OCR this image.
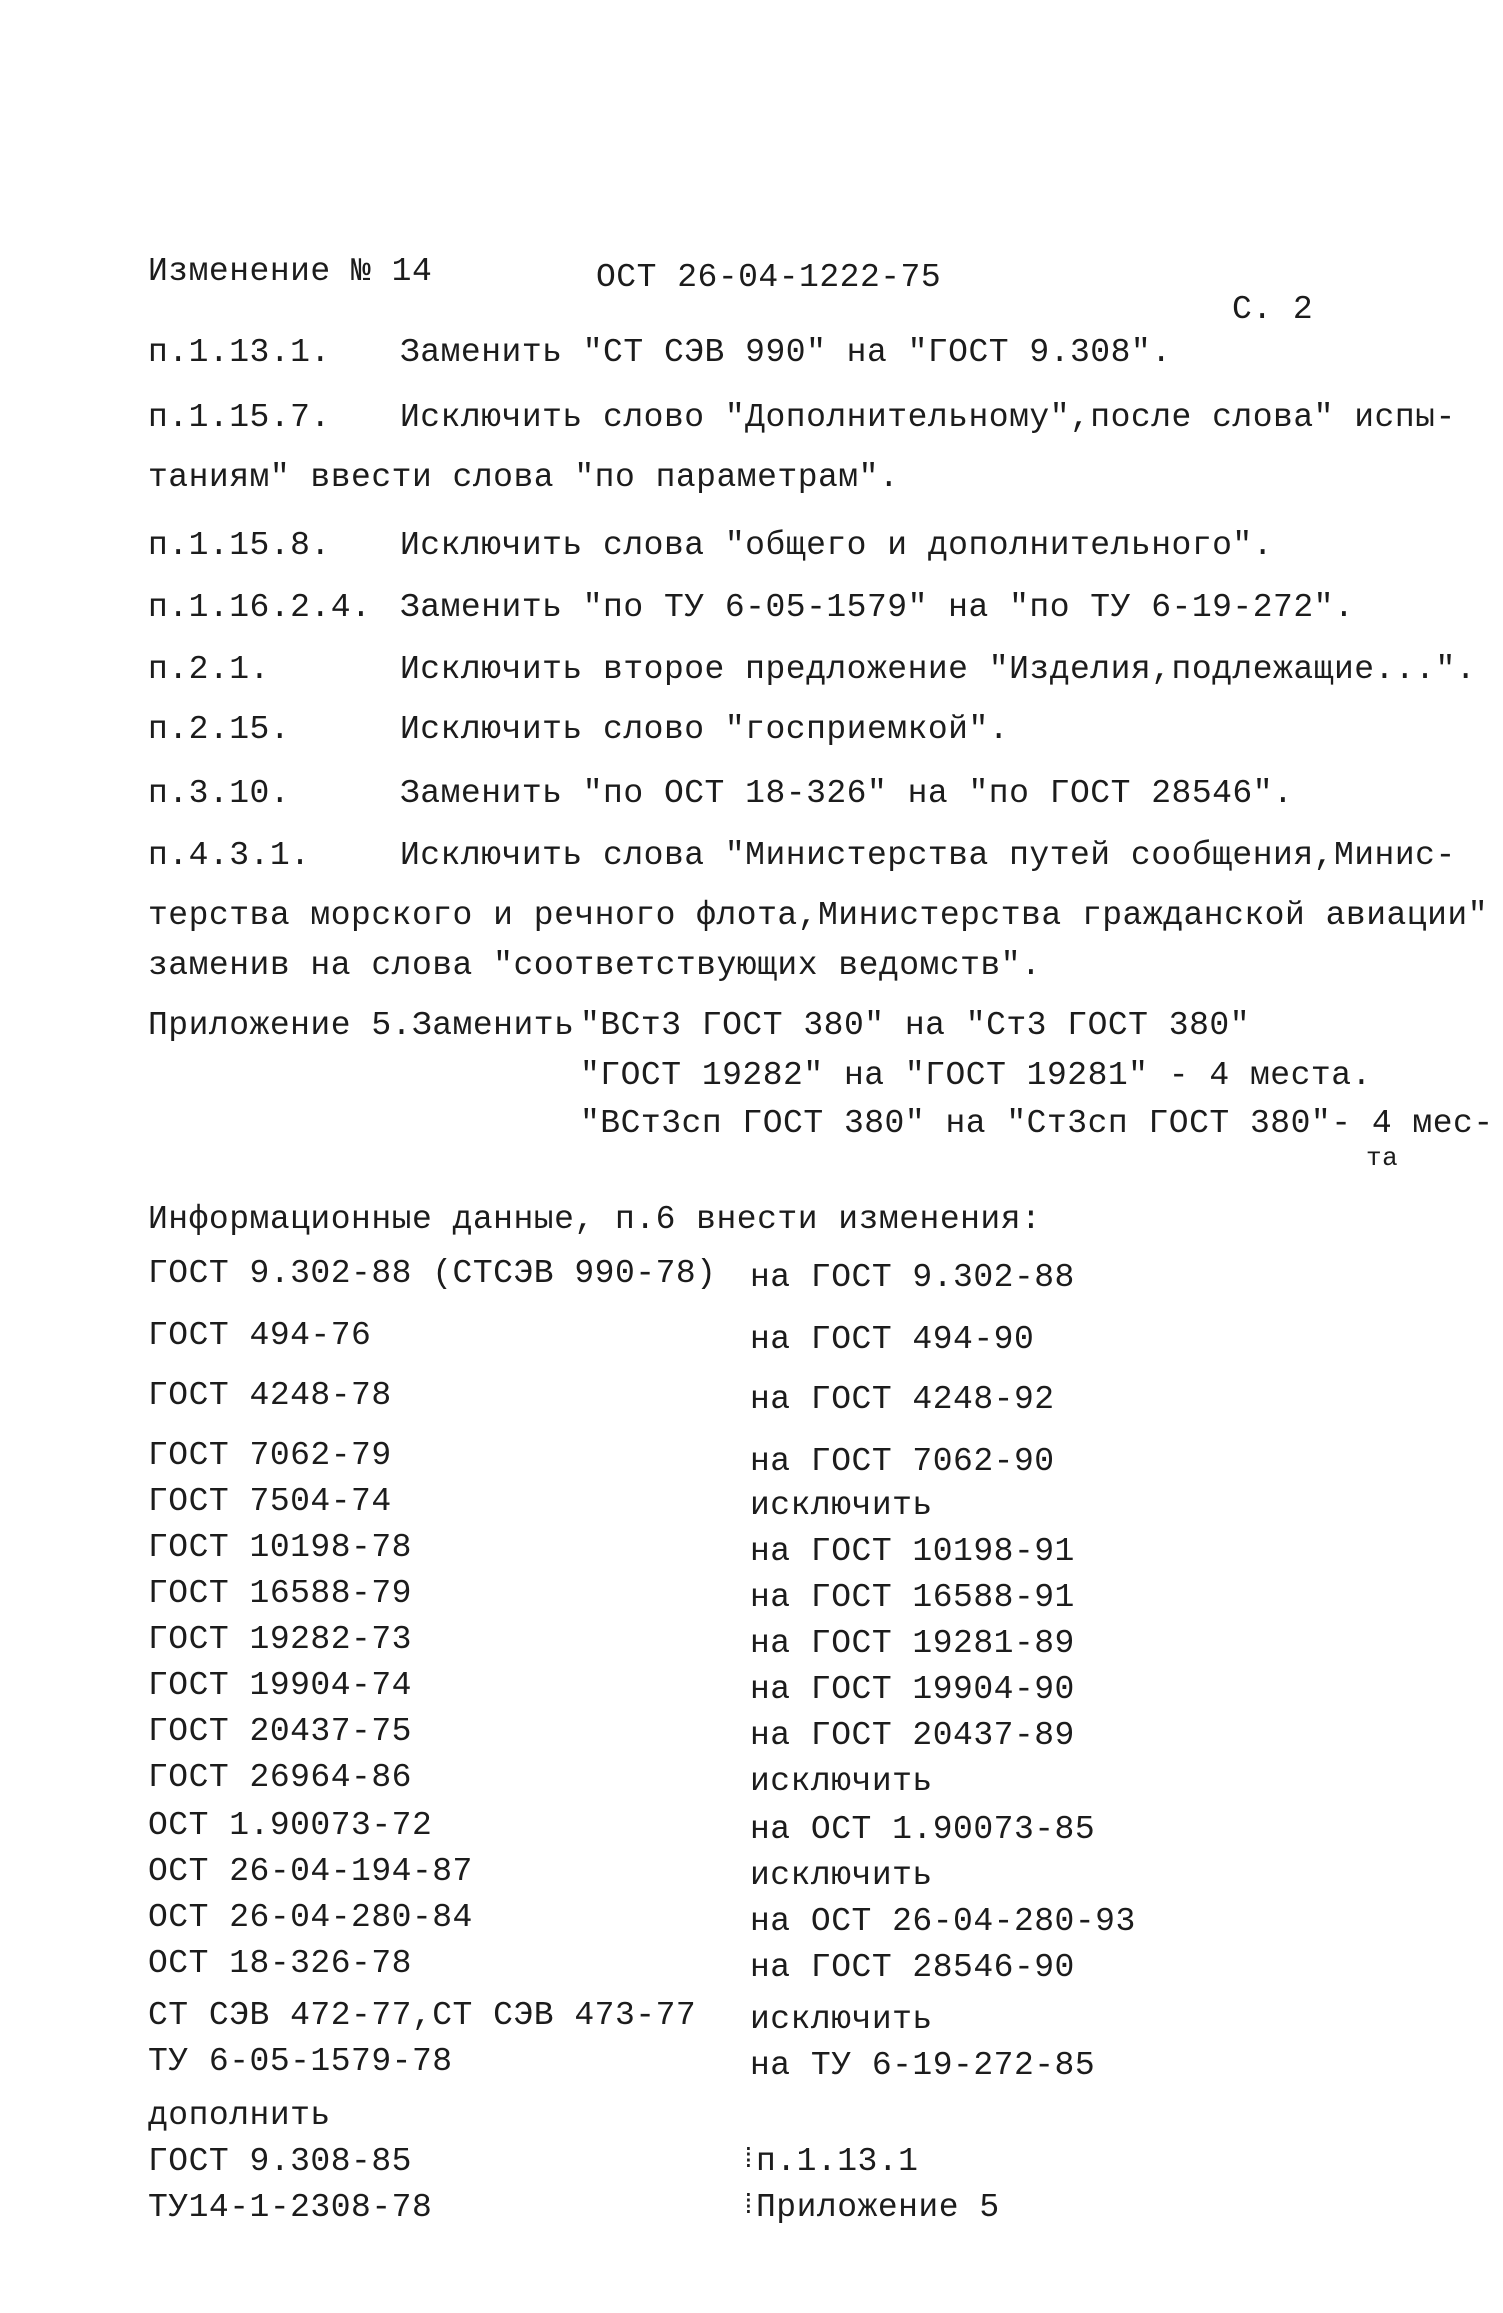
Изменение № 14	ОСТ 26-04-1222-75
С. 2
п.1.13.1. Заменить "СТ СЭВ 990" на "ГОСТ 9.308".
п.1.15.7. Исключить слово "Дополнительному",после слова" испы-
таниям" ввести слова "по параметрам".
п.1.15.8. Исключить слова "общего и дополнительного".
п.1.16.2.4. Заменить "по ТУ 6-05-1579" на "по ТУ 6-19-272".
п.2.1.	Исключить второе предложение "Изделия,подлежащие...".
п.2.15.	Исключить слово "госприемкой".
п.3.10.	Заменить "по ОСТ 18-326" на "по ГОСТ 28546".
п.4.3.1.	Исключить слова "Министерства путей сообщения,Минис-
терства морского и речного флота,Министерства гражданской авиации"
заменив на слова "соответствующих ведомств".
Приложение 5.Заменить "ВСт3 ГОСТ 380" на "Ст3 ГОСТ 380"
"ГОСТ 19282" на "ГОСТ 19281" - 4 места.
"ВСт3сп ГОСТ 380" на "Ст3сп ГОСТ 380"- 4 мес-
та
Информационные данные, п.6 внести изменения:
ГОСТ 9.302-88 (СТСЭВ 990-78) на ГОСТ 9.302-88
ГОСТ 494-76	на ГОСТ 494-90
ГОСТ 4248-78	на ГОСТ 4248-92
ГОСТ 7062-79	на ГОСТ 7062-90
ГОСТ 7504-74	исключить
ГОСТ 10198-78	на ГОСТ 10198-91
ГОСТ 16588-79	на ГОСТ 16588-91
ГОСТ 19282-73	на ГОСТ 19281-89
ГОСТ 19904-74	на ГОСТ 19904-90
ГОСТ 20437-75	на ГОСТ 20437-89
ГОСТ 26964-86	исключить
ОСТ 1.90073-72	на ОСТ 1.90073-85
ОСТ 26-04-194-87	исключить
ОСТ 26-04-280-84	на ОСТ 26-04-280-93
ОСТ 18-326-78	на ГОСТ 28546-90
СТ СЭВ 472-77,СТ СЭВ 473-77 исключить
ТУ 6-05-1579-78	на ТУ 6-19-272-85
дополнить
ГОСТ 9.308-85	⁞ п.1.13.1
ТУ14-1-2308-78	⁞ Приложение 5
